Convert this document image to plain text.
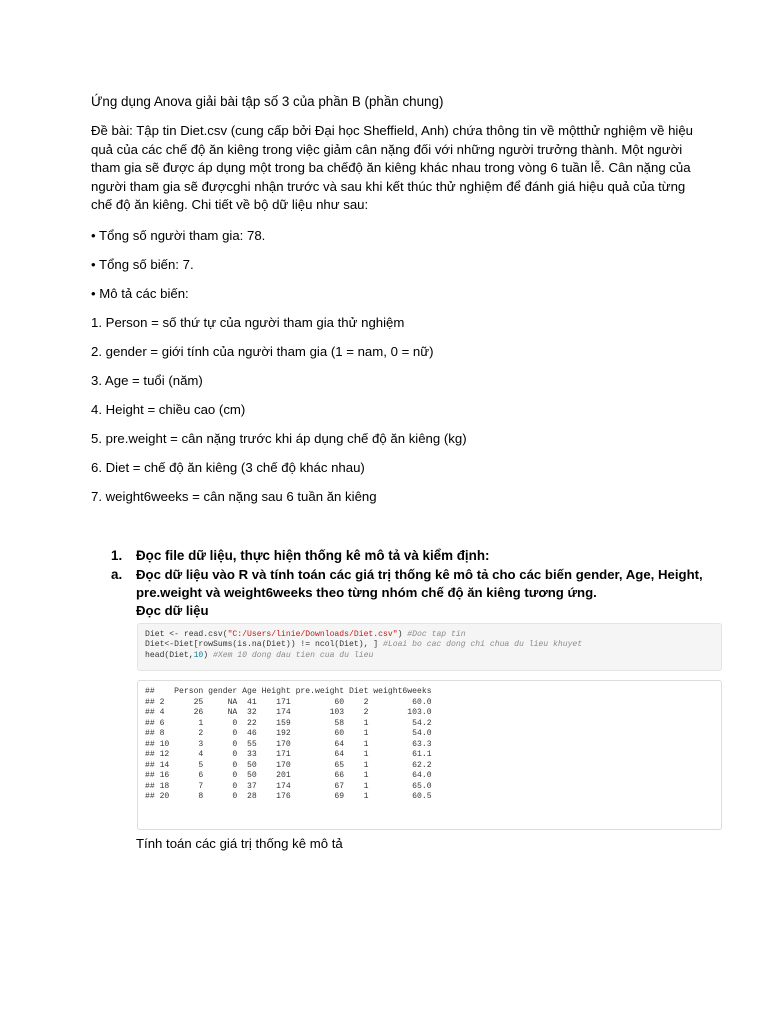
Ứng dụng Anova giải bài tập số 3 của phần B (phần chung)
Đề bài: Tập tin Diet.csv (cung cấp bởi Đại học Sheffield, Anh) chứa thông tin về mộtthử nghiệm về hiệu
quả của các chế độ ăn kiêng trong việc giảm cân nặng đối với những người trưởng thành. Một người
tham gia sẽ được áp dụng một trong ba chếđộ ăn kiêng khác nhau trong vòng 6 tuần lễ. Cân nặng của
người tham gia sẽ đượcghi nhận trước và sau khi kết thúc thử nghiệm để đánh giá hiệu quả của từng
chế độ ăn kiêng. Chi tiết về bộ dữ liệu như sau:
• Tổng số người tham gia: 78.
• Tổng số biến: 7.
• Mô tả các biến:
1. Person = số thứ tự của người tham gia thử nghiệm
2. gender = giới tính của người tham gia (1 = nam, 0 = nữ)
3. Age = tuổi (năm)
4. Height = chiều cao (cm)
5. pre.weight = cân nặng trước khi áp dụng chế độ ăn kiêng (kg)
6. Diet = chế độ ăn kiêng (3 chế độ khác nhau)
7. weight6weeks = cân nặng sau 6 tuần ăn kiêng
1. Đọc file dữ liệu, thực hiện thống kê mô tả và kiểm định:
a.	Đọc dữ liệu vào R và tính toán các giá trị thống kê mô tả cho các biến gender, Age, Height,
pre.weight và weight6weeks theo từng nhóm chế độ ăn kiêng tương ứng.
Đọc dữ liệu
Diet <- read.csv("C:/Users/linie/Downloads/Diet.csv") #Doc tap tin
Diet<-Diet[rowSums(is.na(Diet)) != ncol(Diet), ] #Loai bo cac dong chi chua du lieu khuyet
head(Diet,10) #Xem 10 dong dau tien cua du lieu
##    Person gender Age Height pre.weight Diet weight6weeks
## 2      25     NA  41    171         60    2         60.0
## 4      26     NA  32    174        103    2        103.0
## 6       1      0  22    159         58    1         54.2
## 8       2      0  46    192         60    1         54.0
## 10      3      0  55    170         64    1         63.3
## 12      4      0  33    171         64    1         61.1
## 14      5      0  50    170         65    1         62.2
## 16      6      0  50    201         66    1         64.0
## 18      7      0  37    174         67    1         65.0
## 20      8      0  28    176         69    1         60.5
Tính toán các giá trị thống kê mô tả
